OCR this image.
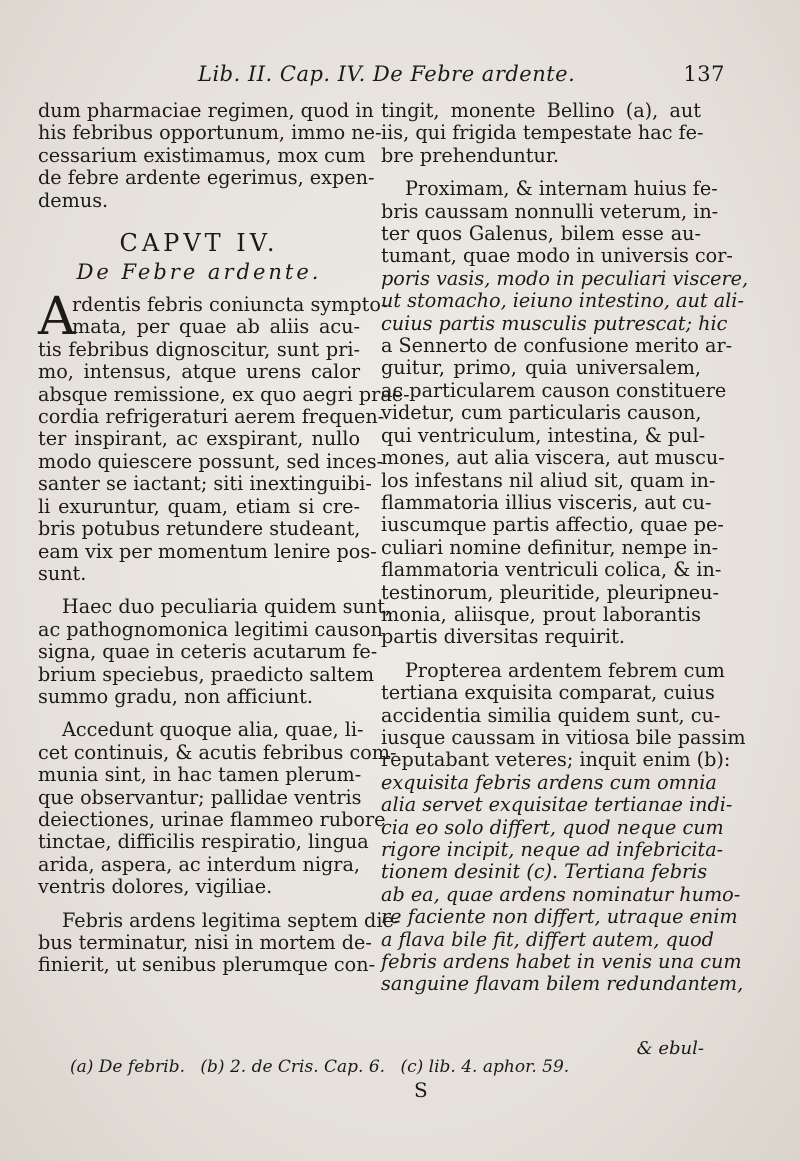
Lib. II. Cap. IV. De Febre ardente.	137
dum pharmaciae regimen, quod in
his febribus opportunum, immo ne-
cessarium existimamus, mox cum
de febre ardente egerimus, expen-
demus.
CAPVT IV.
De Febre ardente.
A
rdentis febris coniuncta sympto-
mata, per quae ab aliis acu-
tis febribus dignoscitur, sunt pri-
mo, intensus, atque urens calor
absque remissione, ex quo aegri prae-
cordia refrigeraturi aerem frequen-
ter inspirant, ac exspirant, nullo
modo quiescere possunt, sed inces-
santer se iactant; siti inextinguibi-
li exuruntur, quam, etiam si cre-
bris potubus retundere studeant,
eam vix per momentum lenire pos-
sunt.
Haec duo peculiaria quidem sunt,
ac pathognomonica legitimi causon
signa, quae in ceteris acutarum fe-
brium speciebus, praedicto saltem
summo gradu, non afficiunt.
Accedunt quoque alia, quae, li-
cet continuis, & acutis febribus com-
munia sint, in hac tamen plerum-
que observantur; pallidae ventris
deiectiones, urinae flammeo rubore
tinctae, difficilis respiratio, lingua
arida, aspera, ac interdum nigra,
ventris dolores, vigiliae.
Febris ardens legitima septem die-
bus terminatur, nisi in mortem de-
finierit, ut senibus plerumque con-
tingit, monente Bellino (a), aut
iis, qui frigida tempestate hac fe-
bre prehenduntur.
Proximam, & internam huius fe-
bris caussam nonnulli veterum, in-
ter quos Galenus, bilem esse au-
tumant, quae modo in universis cor-
poris vasis, modo in peculiari viscere,
ut stomacho, ieiuno intestino, aut ali-
cuius partis musculis putrescat; hic
a Sennerto de confusione merito ar-
guitur, primo, quia universalem,
ac particularem causon constituere
videtur, cum particularis causon,
qui ventriculum, intestina, & pul-
mones, aut alia viscera, aut muscu-
los infestans nil aliud sit, quam in-
flammatoria illius visceris, aut cu-
iuscumque partis affectio, quae pe-
culiari nomine definitur, nempe in-
flammatoria ventriculi colica, & in-
testinorum, pleuritide, pleuripneu-
monia, aliisque, prout laborantis
partis diversitas requirit.
Propterea ardentem febrem cum
tertiana exquisita comparat, cuius
accidentia similia quidem sunt, cu-
iusque caussam in vitiosa bile passim
reputabant veteres; inquit enim (b):
exquisita febris ardens cum omnia
alia servet exquisitae tertianae indi-
cia eo solo differt, quod neque cum
rigore incipit, neque ad infebricita-
tionem desinit (c). Tertiana febris
ab ea, quae ardens nominatur humo-
re faciente non differt, utraque enim
a flava bile fit, differt autem, quod
febris ardens habet in venis una cum
sanguine flavam bilem redundantem,
& ebul-
(a) De febrib. (b) 2. de Cris. Cap. 6. (c) lib. 4. aphor. 59.
S
